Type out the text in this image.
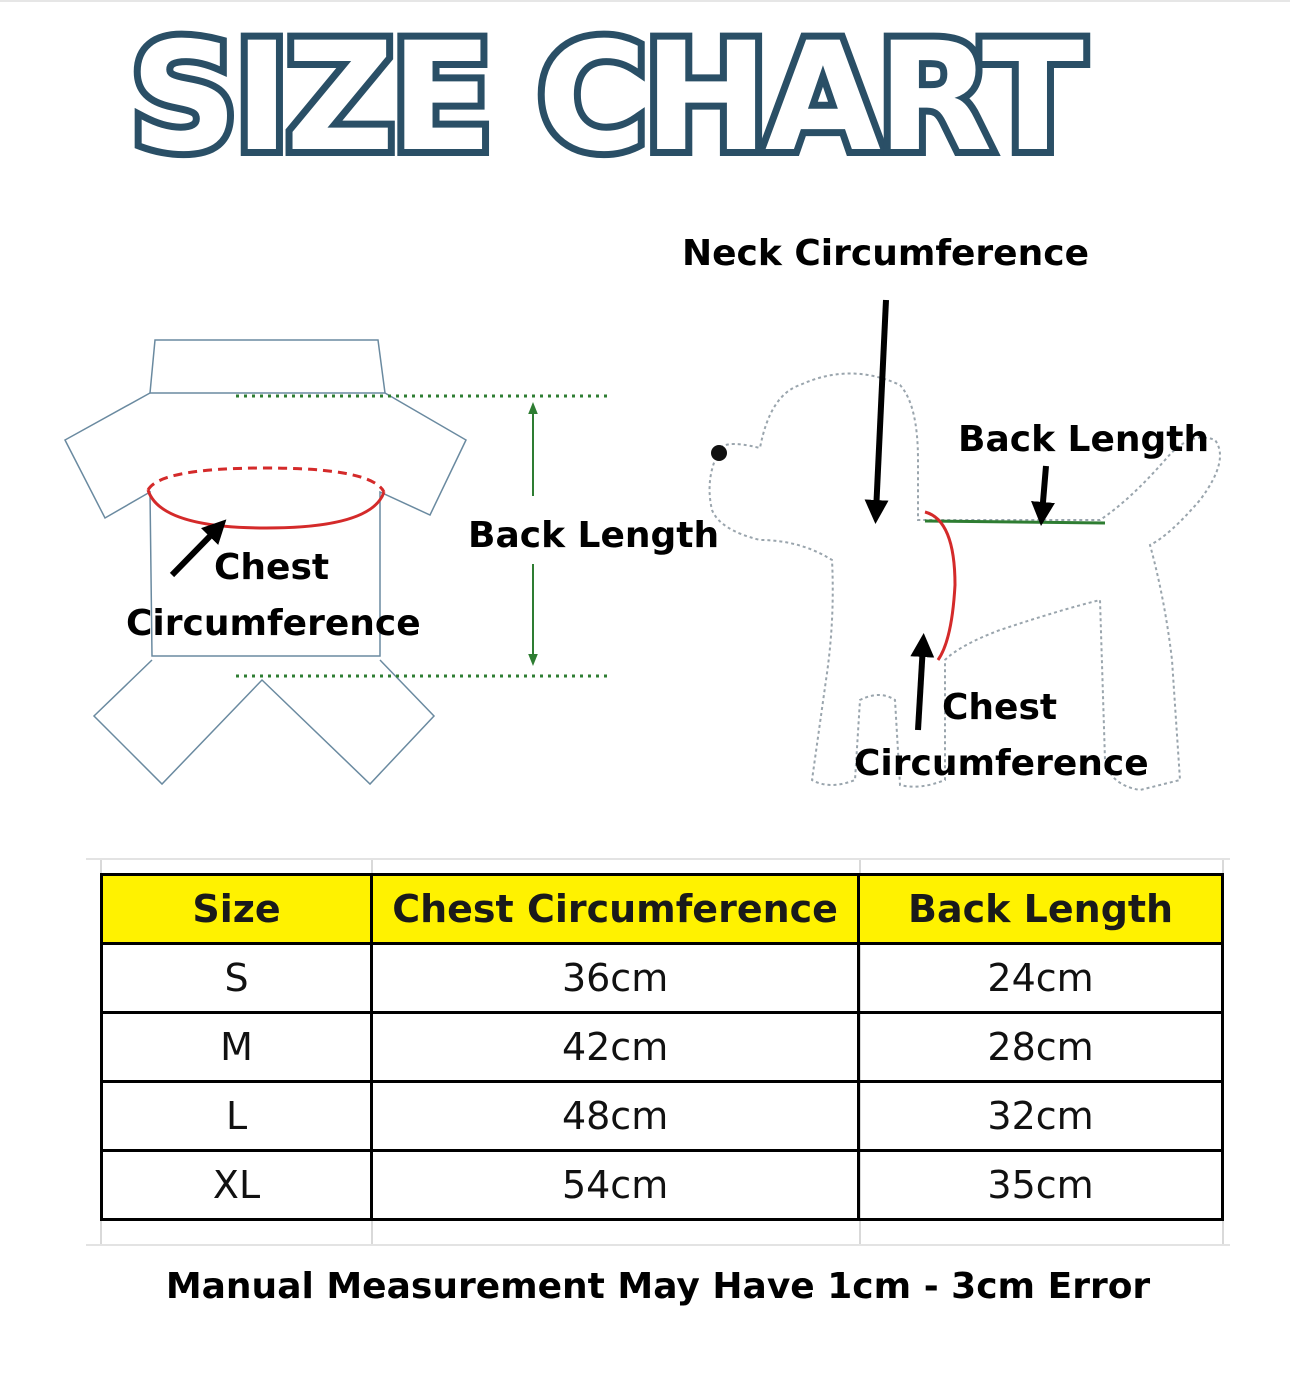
SIZE CHART
Neck Circumference
Back Length
Back Length
Chest
Circumference
Chest
Circumference
Size	Chest Circumference	Back Length
S	36cm	24cm
M	42cm	28cm
L	48cm	32cm
XL	54cm	35cm
Manual Measurement May Have 1cm - 3cm Error
